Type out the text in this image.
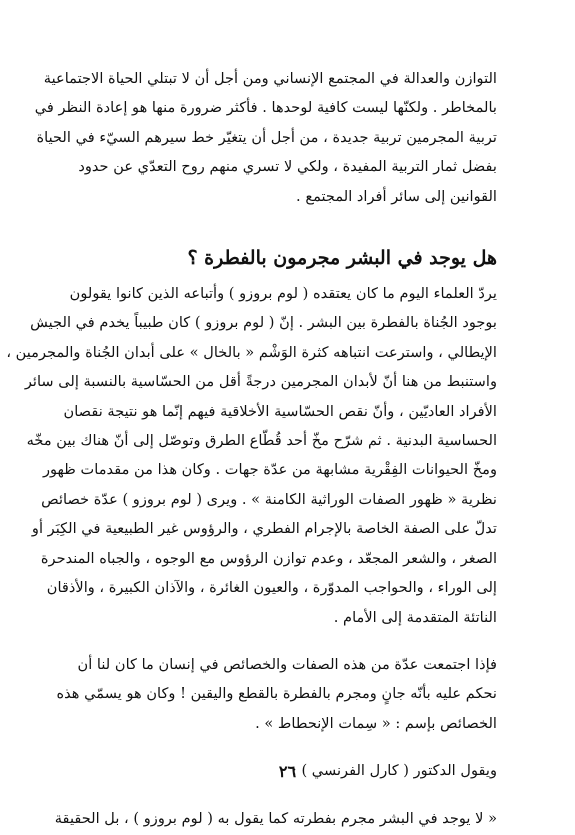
التوازن والعدالة في المجتمع الإنساني ومن أجل أن لا تبتلي الحياة الاجتماعية
بالمخاطر . ولكنّها ليست كافية لوحدها . فأكثر ضرورة منها هو إعادة النظر في
تربية المجرمين تربية جديدة ، من أجل أن يتغيّر خط سيرهم السيّء في الحياة
بفضل ثمار التربية المفيدة ، ولكي لا تسري منهم روح التعدّي عن حدود
القوانين إلى سائر أفراد المجتمع .

هل يوجد في البشر مجرمون بالفطرة ؟

يردّ العلماء اليوم ما كان يعتقده ( لوم بروزو ) وأتباعه الذين كانوا يقولون
بوجود الجُناة بالفطرة بين البشر . إنّ ( لوم بروزو ) كان طبيباً يخدم في الجيش
الإيطالي ، واسترعت انتباهه كثرة الوَشْم « بالخال » على أبدان الجُناة والمجرمين ،
واستنبط من هنا أنّ لأبدان المجرمين درجةً أقل من الحسّاسية بالنسبة إلى سائر
الأفراد العاديّين ، وأنّ نقص الحسّاسية الأخلاقية فيهم إنّما هو نتيجة نقصان
الحساسية البدنية . ثم شرّح مخّ أحد قُطّاع الطرق وتوصّل إلى أنّ هناك بين مخّه
ومخّ الحيوانات الفِقْرية مشابهة من عدّة جهات . وكان هذا من مقدمات ظهور
نظرية « ظهور الصفات الوراثية الكامنة » . ويرى ( لوم بروزو ) عدّة خصائص
تدلّ على الصفة الخاصة بالإجرام الفطري ، والرؤوس غير الطبيعية في الكِبَر أو
الصغر ، والشعر المجعّد ، وعدم توازن الرؤوس مع الوجوه ، والجباه المندحرة
إلى الوراء ، والحواجب المدوّرة ، والعيون الغائرة ، والآذان الكبيرة ، والأذقان
الناتئة المتقدمة إلى الأمام .

فإذا اجتمعت عدّة من هذه الصفات والخصائص في إنسان ما كان لنا أن
نحكم عليه بأنّه جانٍ ومجرم بالفطرة بالقطع واليقين ! وكان هو يسمّي هذه
الخصائص بإسم : « سِمات الإنحطاط » .

ويقول الدكتور ( كارل الفرنسي ) :

« لا يوجد في البشر مجرم بفطرته كما يقول به ( لوم بروزو ) ، بل الحقيقة

٢٦
